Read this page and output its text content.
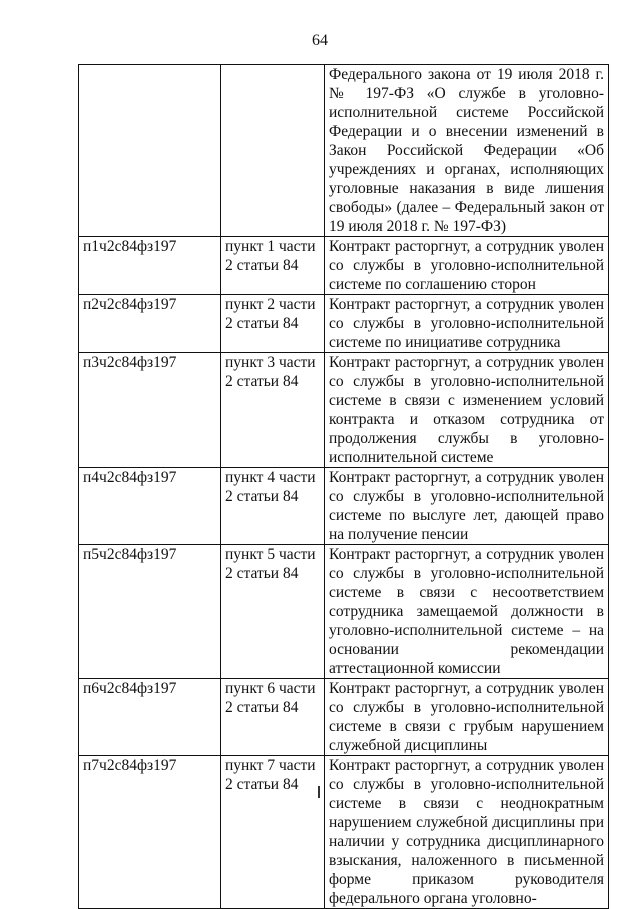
64
		Федерального закона от 19 июля 2018 г. № 197-ФЗ «О службе в уголовно-исполнительной системе Российской Федерации и о внесении изменений в Закон Российской Федерации «Об учреждениях и органах, исполняющих уголовные наказания в виде лишения свободы» (далее – Федеральный закон от 19 июля 2018 г. № 197-ФЗ)
п1ч2с84фз197	пункт 1 части 2 статьи 84	Контракт расторгнут, а сотрудник уволен со службы в уголовно-исполнительной системе по соглашению сторон
п2ч2с84фз197	пункт 2 части 2 статьи 84	Контракт расторгнут, а сотрудник уволен со службы в уголовно-исполнительной системе по инициативе сотрудника
п3ч2с84фз197	пункт 3 части 2 статьи 84	Контракт расторгнут, а сотрудник уволен со службы в уголовно-исполнительной системе в связи с изменением условий контракта и отказом сотрудника от продолжения службы в уголовно-исполнительной системе
п4ч2с84фз197	пункт 4 части 2 статьи 84	Контракт расторгнут, а сотрудник уволен со службы в уголовно-исполнительной системе по выслуге лет, дающей право на получение пенсии
п5ч2с84фз197	пункт 5 части 2 статьи 84	Контракт расторгнут, а сотрудник уволен со службы в уголовно-исполнительной системе в связи с несоответствием сотрудника замещаемой должности в уголовно-исполнительной системе – на основании рекомендации аттестационной комиссии
п6ч2с84фз197	пункт 6 части 2 статьи 84	Контракт расторгнут, а сотрудник уволен со службы в уголовно-исполнительной системе в связи с грубым нарушением служебной дисциплины
п7ч2с84фз197	пункт 7 части 2 статьи 84	Контракт расторгнут, а сотрудник уволен со службы в уголовно-исполнительной системе в связи с неоднократным нарушением служебной дисциплины при наличии у сотрудника дисциплинарного взыскания, наложенного в письменной форме приказом руководителя федерального органа уголовно-
